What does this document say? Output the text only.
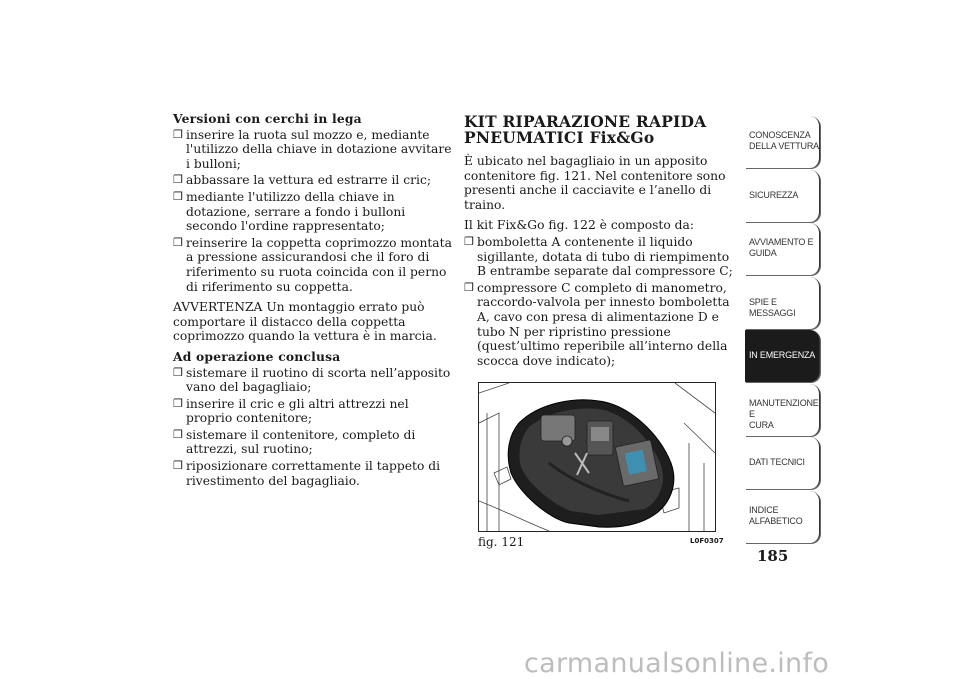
Versioni con cerchi in lega
❒ inserire la ruota sul mozzo e, mediante l'utilizzo della chiave in dotazione avvitare i bulloni;
❒ abbassare la vettura ed estrarre il cric;
❒ mediante l'utilizzo della chiave in dotazione, serrare a fondo i bulloni secondo l'ordine rappresentato;
❒ reinserire la coppetta coprimozzo montata a pressione assicurandosi che il foro di riferimento su ruota coincida con il perno di riferimento su coppetta.
AVVERTENZA Un montaggio errato può comportare il distacco della coppetta coprimozzo quando la vettura è in marcia.
Ad operazione conclusa
❒ sistemare il ruotino di scorta nell’apposito vano del bagagliaio;
❒ inserire il cric e gli altri attrezzi nel proprio contenitore;
❒ sistemare il contenitore, completo di attrezzi, sul ruotino;
❒ riposizionare correttamente il tappeto di rivestimento del bagagliaio.
KIT RIPARAZIONE RAPIDA
PNEUMATICI Fix&Go
È ubicato nel bagagliaio in un apposito contenitore fig. 121. Nel contenitore sono presenti anche il cacciavite e l’anello di traino.
Il kit Fix&Go fig. 122 è composto da:
❒ bomboletta A contenente il liquido sigillante, dotata di tubo di riempimento B entrambe separate dal compressore C;
❒ compressore C completo di manometro, raccordo-valvola per innesto bomboletta A, cavo con presa di alimentazione D e tubo N per ripristino pressione (quest’ultimo reperibile all’interno della scocca dove indicato);
fig. 121	L0F0307
CONOSCENZA
DELLA VETTURA
SICUREZZA
AVVIAMENTO E
GUIDA
SPIE E MESSAGGI
IN EMERGENZA
MANUTENZIONE E
CURA
DATI TECNICI
INDICE
ALFABETICO
185
carmanualsonline.info
